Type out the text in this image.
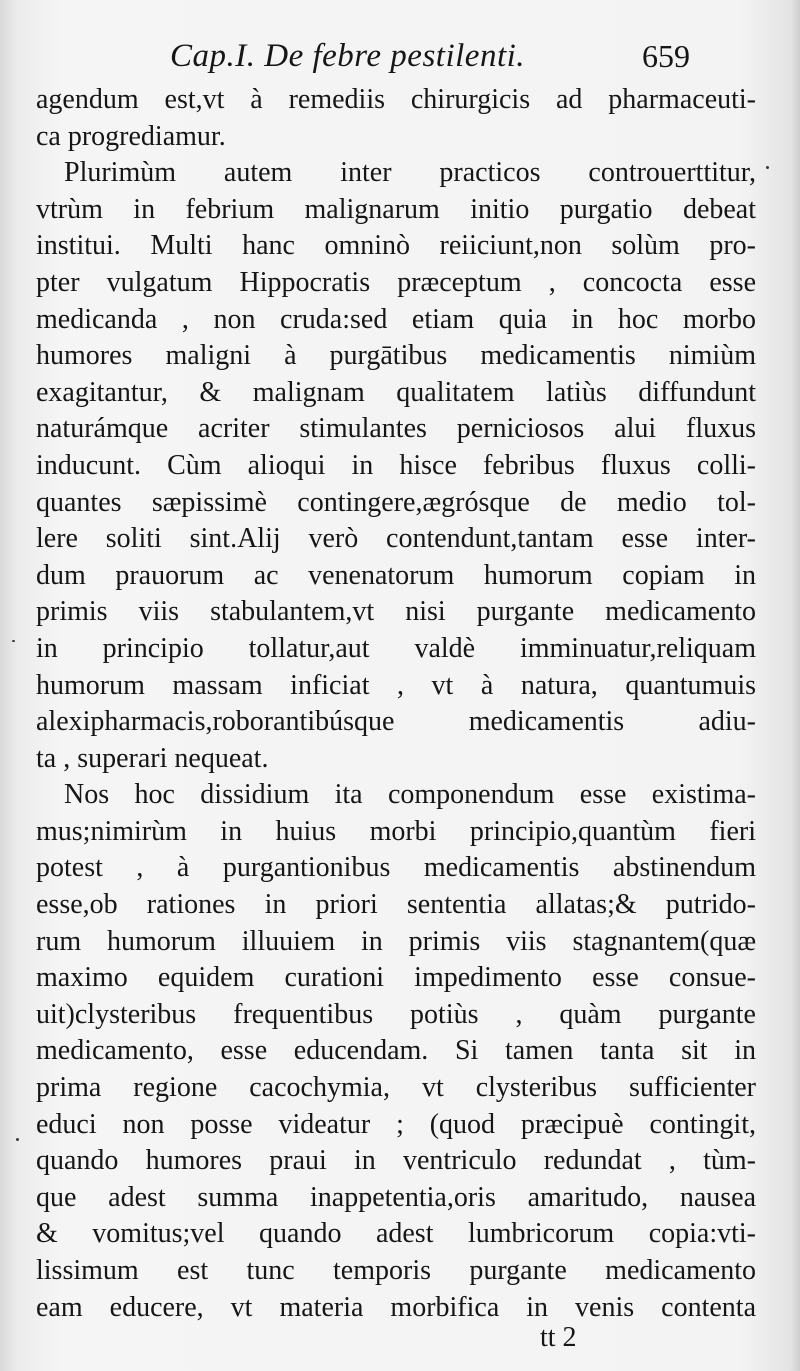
Cap.I. De febre pestilenti.	659
agendum est,vt à remediis chirurgicis ad pharmaceuti-
ca progrediamur.
Plurimùm autem inter practicos controuerttitur,
vtrùm in febrium malignarum initio purgatio debeat
institui. Multi hanc omninò reiiciunt,non solùm pro-
pter vulgatum Hippocratis præceptum , concocta esse
medicanda , non cruda:sed etiam quia in hoc morbo
humores maligni à purgātibus medicamentis nimiùm
exagitantur, & malignam qualitatem latiùs diffundunt
naturámque acriter stimulantes perniciosos alui fluxus
inducunt. Cùm alioqui in hisce febribus fluxus colli-
quantes sæpissimè contingere,ægrósque de medio tol-
lere soliti sint.Alij verò contendunt,tantam esse inter-
dum prauorum ac venenatorum humorum copiam in
primis viis stabulantem,vt nisi purgante medicamento
in principio tollatur,aut valdè imminuatur,reliquam
humorum massam inficiat , vt à natura, quantumuis
alexipharmacis,roborantibúsque medicamentis adiu-
ta , superari nequeat.
Nos hoc dissidium ita componendum esse existima-
mus;nimirùm in huius morbi principio,quantùm fieri
potest , à purgantionibus medicamentis abstinendum
esse,ob rationes in priori sententia allatas;& putrido-
rum humorum illuuiem in primis viis stagnantem(quæ
maximo equidem curationi impedimento esse consue-
uit)clysteribus frequentibus potiùs , quàm purgante
medicamento, esse educendam. Si tamen tanta sit in
prima regione cacochymia, vt clysteribus sufficienter
educi non posse videatur ; (quod præcipuè contingit,
quando humores praui in ventriculo redundat , tùm-
que adest summa inappetentia,oris amaritudo, nausea
& vomitus;vel quando adest lumbricorum copia:vti-
lissimum est tunc temporis purgante medicamento
eam educere, vt materia morbifica in venis contenta
tt 2
